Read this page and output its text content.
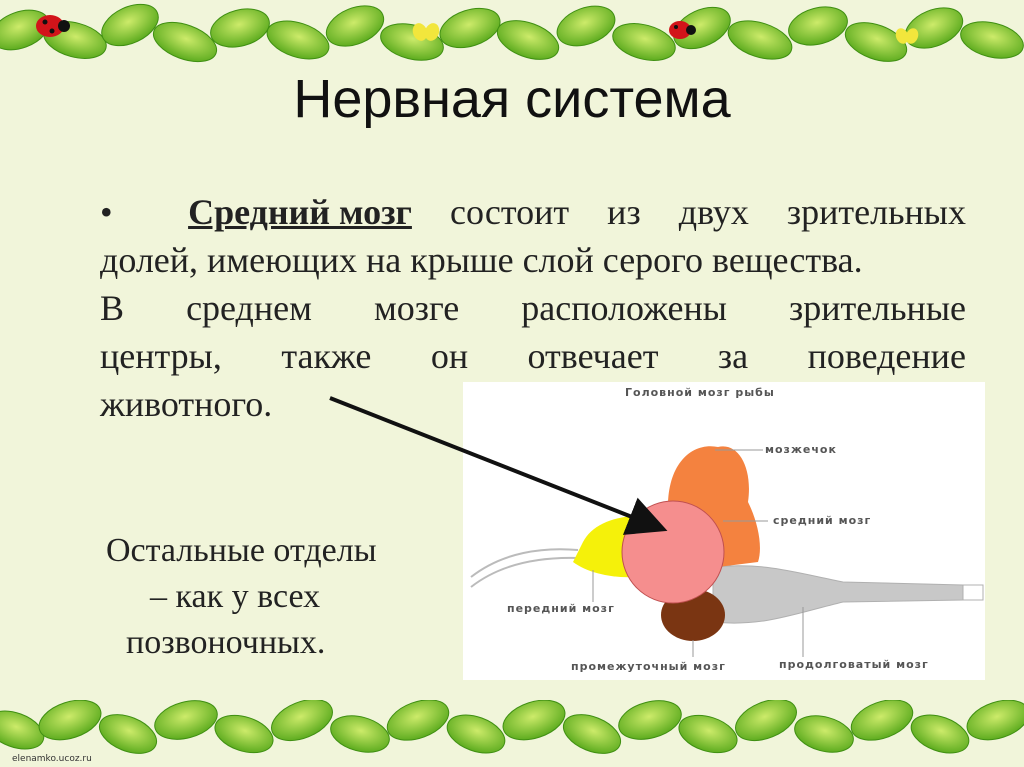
Нервная система
•	Средний мозг состоит из двух зрительных
долей, имеющих на крыше слой серого вещества.
В среднем мозге расположены зрительные
центры, также он отвечает за поведение
животного.	Головной мозг рыбы
мозжечок
средний мозг
передний мозг
промежуточный мозг	продолговатый мозг
Остальные отделы
– как у всех
позвоночных.
elenamko.ucoz.ru
